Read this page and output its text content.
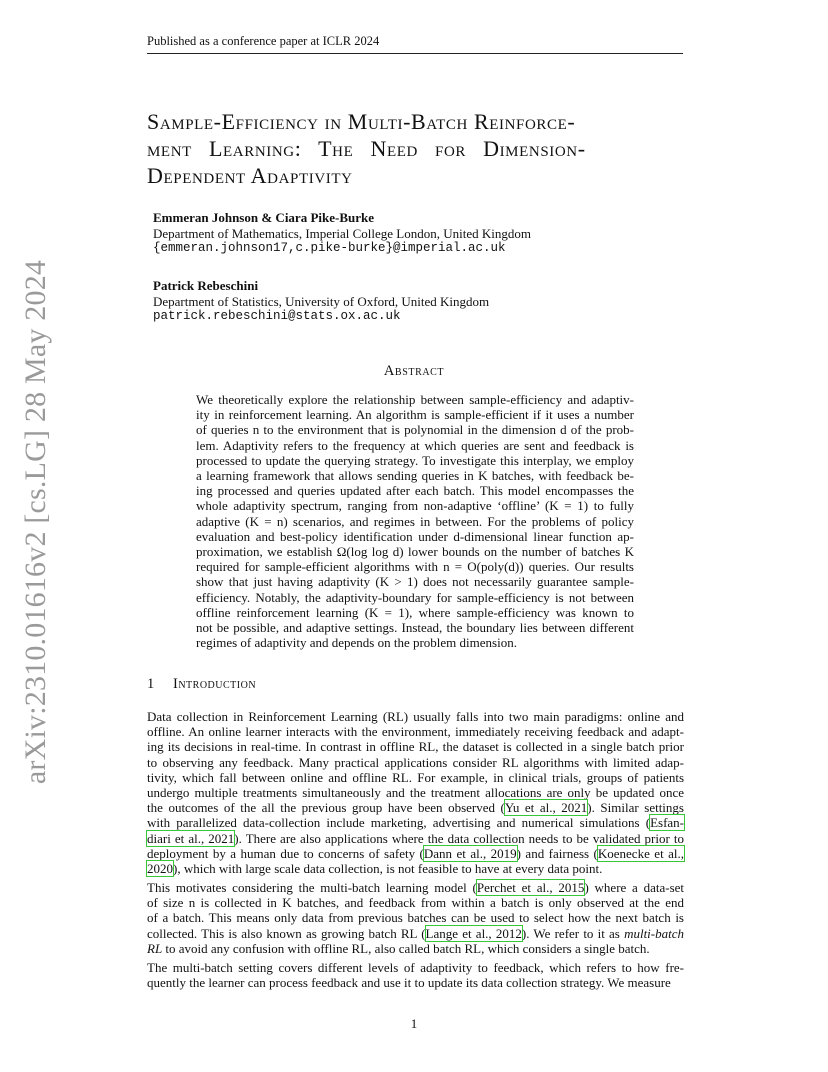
Published as a conference paper at ICLR 2024
arXiv:2310.01616v2 [cs.LG] 28 May 2024
Sample-Efficiency in Multi-Batch Reinforce-
ment Learning: The Need for Dimension-
Dependent Adaptivity
Emmeran Johnson & Ciara Pike-Burke
Department of Mathematics, Imperial College London, United Kingdom
{emmeran.johnson17,c.pike-burke}@imperial.ac.uk
Patrick Rebeschini
Department of Statistics, University of Oxford, United Kingdom
patrick.rebeschini@stats.ox.ac.uk
Abstract
We theoretically explore the relationship between sample-efficiency and adaptiv-
ity in reinforcement learning. An algorithm is sample-efficient if it uses a number
of queries n to the environment that is polynomial in the dimension d of the prob-
lem. Adaptivity refers to the frequency at which queries are sent and feedback is
processed to update the querying strategy. To investigate this interplay, we employ
a learning framework that allows sending queries in K batches, with feedback be-
ing processed and queries updated after each batch. This model encompasses the
whole adaptivity spectrum, ranging from non-adaptive ‘offline’ (K = 1) to fully
adaptive (K = n) scenarios, and regimes in between. For the problems of policy
evaluation and best-policy identification under d-dimensional linear function ap-
proximation, we establish Ω(log log d) lower bounds on the number of batches K
required for sample-efficient algorithms with n = O(poly(d)) queries. Our results
show that just having adaptivity (K > 1) does not necessarily guarantee sample-
efficiency. Notably, the adaptivity-boundary for sample-efficiency is not between
offline reinforcement learning (K = 1), where sample-efficiency was known to
not be possible, and adaptive settings. Instead, the boundary lies between different
regimes of adaptivity and depends on the problem dimension.
1 Introduction
Data collection in Reinforcement Learning (RL) usually falls into two main paradigms: online and
offline. An online learner interacts with the environment, immediately receiving feedback and adapt-
ing its decisions in real-time. In contrast in offline RL, the dataset is collected in a single batch prior
to observing any feedback. Many practical applications consider RL algorithms with limited adap-
tivity, which fall between online and offline RL. For example, in clinical trials, groups of patients
undergo multiple treatments simultaneously and the treatment allocations are only be updated once
the outcomes of the all the previous group have been observed (Yu et al., 2021). Similar settings
with parallelized data-collection include marketing, advertising and numerical simulations (Esfan-
diari et al., 2021). There are also applications where the data collection needs to be validated prior to
deployment by a human due to concerns of safety (Dann et al., 2019) and fairness (Koenecke et al.,
2020), which with large scale data collection, is not feasible to have at every data point.
This motivates considering the multi-batch learning model (Perchet et al., 2015) where a data-set
of size n is collected in K batches, and feedback from within a batch is only observed at the end
of a batch. This means only data from previous batches can be used to select how the next batch is
collected. This is also known as growing batch RL (Lange et al., 2012). We refer to it as multi-batch
RL to avoid any confusion with offline RL, also called batch RL, which considers a single batch.
The multi-batch setting covers different levels of adaptivity to feedback, which refers to how fre-
quently the learner can process feedback and use it to update its data collection strategy. We measure
1
